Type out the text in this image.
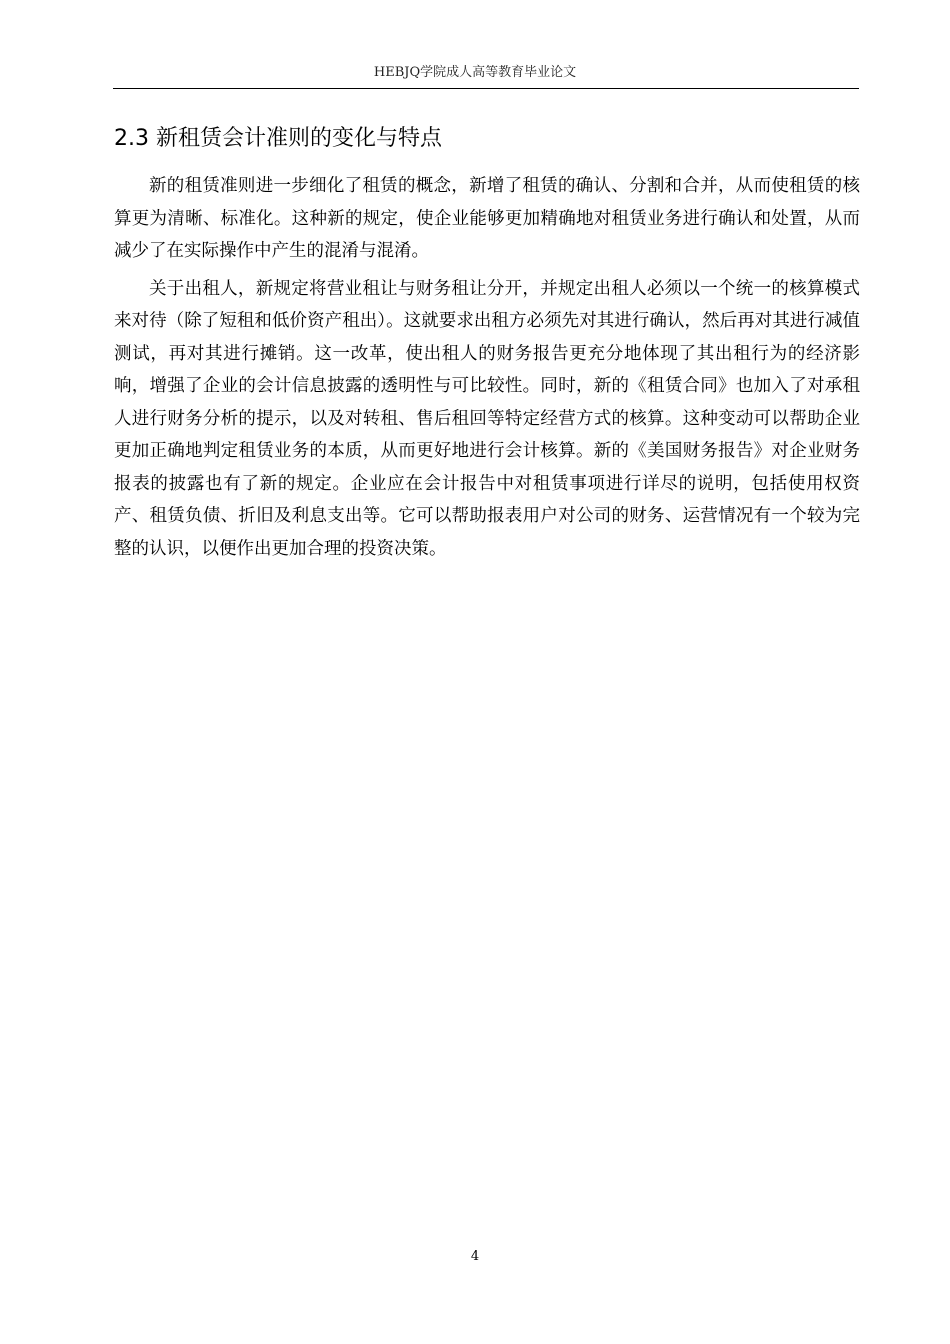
HEBJQ学院成人高等教育毕业论文
2.3 新租赁会计准则的变化与特点

新的租赁准则进一步细化了租赁的概念，新增了租赁的确认、分割和合并，从而使租赁的核算更为清晰、标准化。这种新的规定，使企业能够更加精确地对租赁业务进行确认和处置，从而减少了在实际操作中产生的混淆与混淆。

关于出租人，新规定将营业租让与财务租让分开，并规定出租人必须以一个统一的核算模式来对待（除了短租和低价资产租出）。这就要求出租方必须先对其进行确认，然后再对其进行减值测试，再对其进行摊销。这一改革，使出租人的财务报告更充分地体现了其出租行为的经济影响，增强了企业的会计信息披露的透明性与可比较性。同时，新的《租赁合同》也加入了对承租人进行财务分析的提示，以及对转租、售后租回等特定经营方式的核算。这种变动可以帮助企业更加正确地判定租赁业务的本质，从而更好地进行会计核算。新的《美国财务报告》对企业财务报表的披露也有了新的规定。企业应在会计报告中对租赁事项进行详尽的说明，包括使用权资产、租赁负债、折旧及利息支出等。它可以帮助报表用户对公司的财务、运营情况有一个较为完整的认识，以便作出更加合理的投资决策。

4
